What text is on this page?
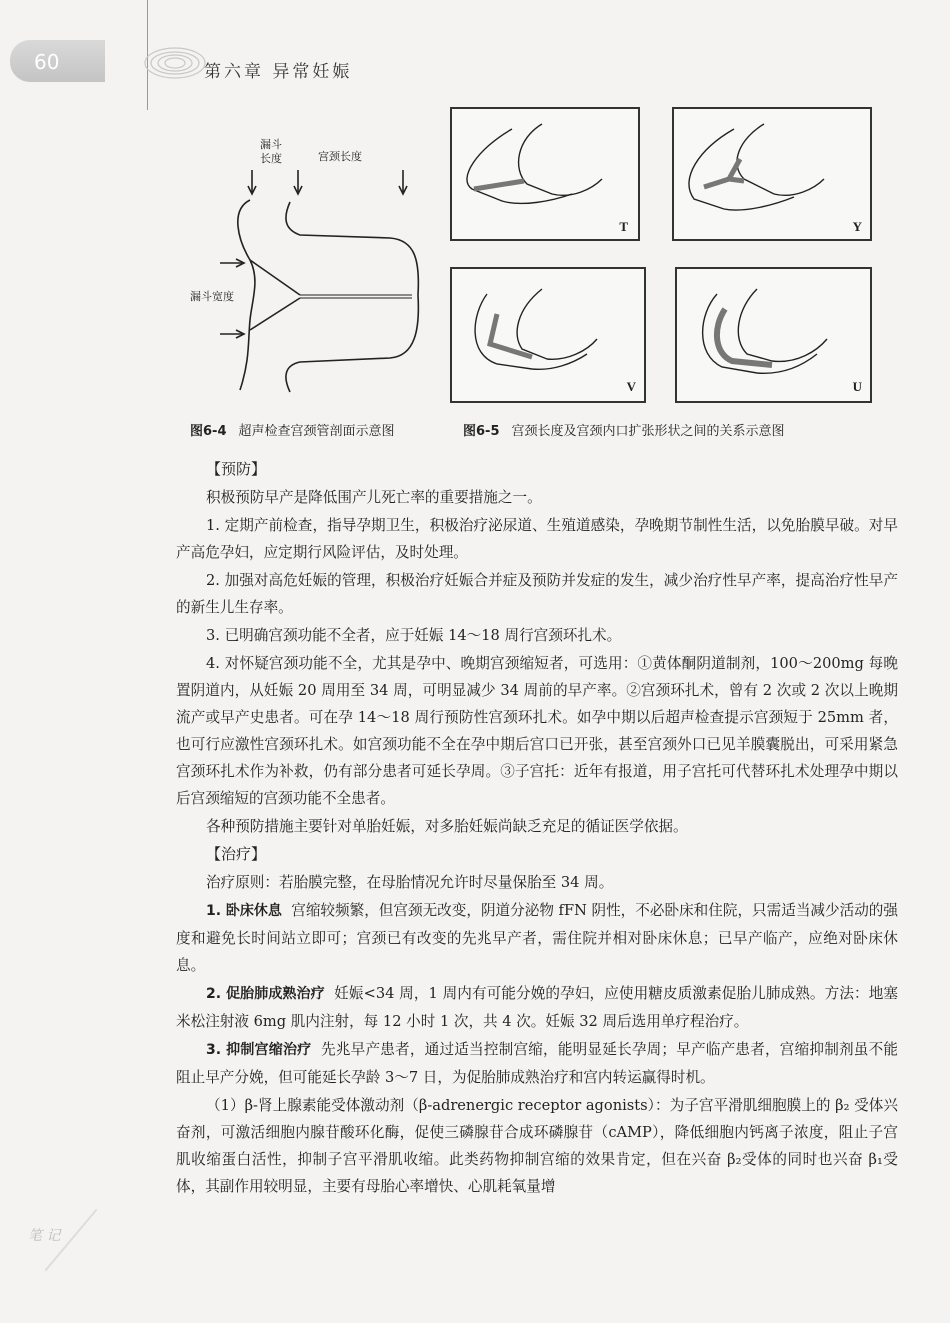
60	第六章 异常妊娠
漏斗
长度	宫颈长度
漏斗宽度
T	Y
V	U
图6-4 超声检查宫颈管剖面示意图	图6-5 宫颈长度及宫颈内口扩张形状之间的关系示意图

【预防】

积极预防早产是降低围产儿死亡率的重要措施之一。

1. 定期产前检查，指导孕期卫生，积极治疗泌尿道、生殖道感染，孕晚期节制性生活，以免胎膜早破。对早产高危孕妇，应定期行风险评估，及时处理。

2. 加强对高危妊娠的管理，积极治疗妊娠合并症及预防并发症的发生，减少治疗性早产率，提高治疗性早产的新生儿生存率。

3. 已明确宫颈功能不全者，应于妊娠 14～18 周行宫颈环扎术。

4. 对怀疑宫颈功能不全，尤其是孕中、晚期宫颈缩短者，可选用：①黄体酮阴道制剂，100～200mg 每晚置阴道内，从妊娠 20 周用至 34 周，可明显减少 34 周前的早产率。②宫颈环扎术，曾有 2 次或 2 次以上晚期流产或早产史患者。可在孕 14～18 周行预防性宫颈环扎术。如孕中期以后超声检查提示宫颈短于 25mm 者，也可行应激性宫颈环扎术。如宫颈功能不全在孕中期后宫口已开张，甚至宫颈外口已见羊膜囊脱出，可采用紧急宫颈环扎术作为补救，仍有部分患者可延长孕周。③子宫托：近年有报道，用子宫托可代替环扎术处理孕中期以后宫颈缩短的宫颈功能不全患者。

各种预防措施主要针对单胎妊娠，对多胎妊娠尚缺乏充足的循证医学依据。

【治疗】

治疗原则：若胎膜完整，在母胎情况允许时尽量保胎至 34 周。

1. 卧床休息 宫缩较频繁，但宫颈无改变，阴道分泌物 fFN 阴性，不必卧床和住院，只需适当减少活动的强度和避免长时间站立即可；宫颈已有改变的先兆早产者，需住院并相对卧床休息；已早产临产，应绝对卧床休息。

2. 促胎肺成熟治疗 妊娠<34 周，1 周内有可能分娩的孕妇，应使用糖皮质激素促胎儿肺成熟。方法：地塞米松注射液 6mg 肌内注射，每 12 小时 1 次，共 4 次。妊娠 32 周后选用单疗程治疗。

3. 抑制宫缩治疗 先兆早产患者，通过适当控制宫缩，能明显延长孕周；早产临产患者，宫缩抑制剂虽不能阻止早产分娩，但可能延长孕龄 3～7 日，为促胎肺成熟治疗和宫内转运赢得时机。

（1）β-肾上腺素能受体激动剂（β-adrenergic receptor agonists）：为子宫平滑肌细胞膜上的 β₂ 受体兴奋剂，可激活细胞内腺苷酸环化酶，促使三磷腺苷合成环磷腺苷（cAMP），降低细胞内钙离子浓度，阻止子宫肌收缩蛋白活性，抑制子宫平滑肌收缩。此类药物抑制宫缩的效果肯定，但在兴奋 β₂受体的同时也兴奋 β₁受体，其副作用较明显，主要有母胎心率增快、心肌耗氧量增

笔 记
